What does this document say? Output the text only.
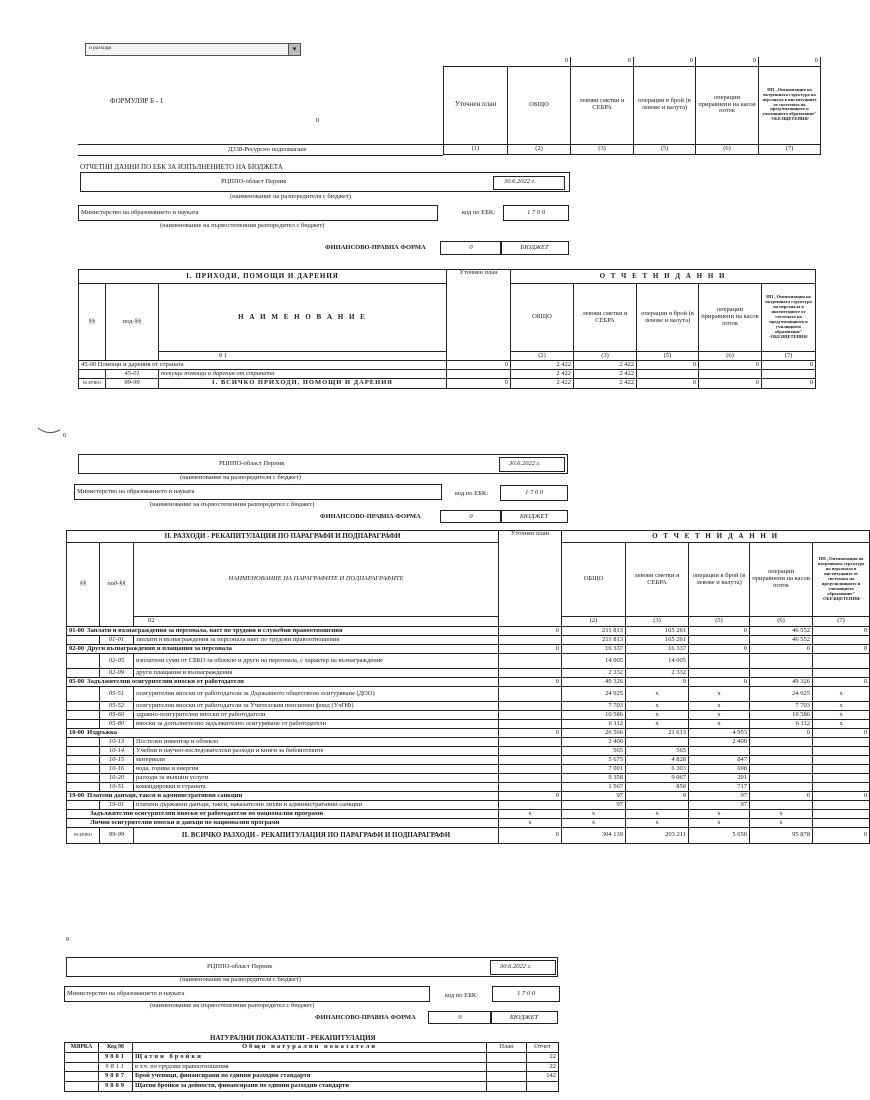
о разходи	▾
ФОРМУЛЯР Б - 1
	0	0	0	0	0
Уточнен план	ОБЩО	левови сметки и СЕБРА	операции в брой (в левове и валута)	операции приравнени на касов поток	НП „Оптимизация на вътрешната структура на персонала в институциите от системата на предучилищното и училищното образование" -ОБЕЗЩЕТЕНИЯ/
(1)	(2)	(3)	(5)	(6)	(7)
Д338-Ресурсно подпомагане
ОТЧЕТНИ ДАННИ ПО ЕБК ЗА ИЗПЪЛНЕНИЕТО НА БЮДЖЕТА
РЦППО-област Перник	30.6.2022 г.
(наименование на разпоредителя с бюджет)
Министерство на образованието и науката	код по ЕБК:	1 7 0 0
(наименование на първостепенния разпоредител с бюджет)
ФИНАНСОВО-ПРАВНА ФОРМА	0	БЮДЖЕТ
I. ПРИХОДИ, ПОМОЩИ И ДАРЕНИЯ			Уточнен план	О Т Ч Е Т Н И Д А Н Н И				
§§	под-§§	Н А И М Е Н О В А Н И Е		ОБЩО	левови сметки и СЕБРА	операции в брой (в левове и валута)	операции приравнени на касов поток	НП „Оптимизация на вътрешната структура на персонала в институциите от системата на предучилищното и училищното образование" -ОБЕЗЩЕТЕНИЯ/
		0 1		(2)	(3)	(5)	(6)	(7)
45-00 Помощи и дарения от страната			0	2 422	2 422	0	0	0
	45-01	текущи помощи и дарения от страната		2 422	2 422			
ВСИЧКО	99-99	I. ВСИЧКО ПРИХОДИ, ПОМОЩИ И ДАРЕНИЯ	0	2 422	2 422	0	0	0
0
РЦППО-област Перник	30.6.2022 г.
(наименование на разпоредителя с бюджет)
Министерство на образованието и науката	код по ЕБК:	1 7 0 0
(наименование на първостепенния разпоредител с бюджет)
ФИНАНСОВО-ПРАВНА ФОРМА	0	БЮДЖЕТ
II. РАЗХОДИ - РЕКАПИТУЛАЦИЯ ПО ПАРАГРАФИ И ПОДПАРАГРАФИ			Уточнен план	О Т Ч Е Т Н И Д А Н Н И				
§§	под-§§	НАИМЕНОВАНИЕ НА ПАРАГРАФИТЕ И ПОДПАРАГРАФИТЕ		ОБЩО	левови сметки и СЕБРА	операции в брой (в левове и валута)	операции приравнени на касов поток	НП „Оптимизация на вътрешната структура на персонала в институциите от системата на предучилищното и училищното образование" -ОБЕЗЩЕТЕНИЯ/
		02		(2)	(3)	(5)	(6)	(7)
01-00 Заплати и възнаграждения за персонала, нает по трудови и служебни правоотношения			0	211 813	165 261	0	46 552	0
	01-01	заплати и възнаграждения за персонала нает по трудови правоотношения		211 813	165 261		46 552	
02-00 Други възнаграждения и плащания за персонала			0	16 337	16 337	0	0	0
	02-05	изплатени суми от СБКО за облекло и други на персонала, с характер на възнаграждение		14 005	14 005			
	02-09	други плащания и възнаграждения		2 332	2 332			
05-00 Задължителни осигурителни вноски от работодатели			0	49 326	0	0	49 326	0
	05-51	осигурителни вноски от работодатели за Държавното обществено осигуряване (ДОО)		24 925	x	x	24 925	x
	05-52	осигурителни вноски от работодатели за Учителския пенсионен фонд (УчПФ)		7 703	x	x	7 703	x
	05-60	здравно-осигурителни вноски от работодатели		10 586	x	x	10 586	x
	05-80	вноски за допълнително задължително осигуряване от работодатели		6 112	x	x	6 112	x
10-00 Издръжка			0	26 566	21 613	4 953	0	0
	10-13	Постелен инвентар и облекло		2 400		2 400		
	10-14	Учебни и научно-изследователски разходи и книги за библиотеките		565	565			
	10-15	материали		5 675	4 828	847		
	10-16	вода, горива и енергия		7 001	6 303	698		
	10-20	разходи за външни услуги		9 358	9 067	291		
	10-51	командировки в страната		1 567	850	717		
19-00 Платени данъци, такси и административни санкции			0	97	0	97	0	0
	19-01	платени държавни данъци, такси, наказателни лихви и административни санкции		97		97		
Задължителни осигурителни вноски от работодатели по национални програми			x	x	x	x	x	
Лични осигурителни вноски и данъци по национални програми			x	x	x	x	x	
ВСИЧКО	99-99	II. ВСИЧКО РАЗХОДИ - РЕКАПИТУЛАЦИЯ ПО ПАРАГРАФИ И ПОДПАРАГРАФИ	0	304 139	203 211	5 050	95 878	0
0
РЦППО-област Перник	30.6.2022 г.
(наименование на разпоредителя с бюджет)
Министерство на образованието и науката	код по ЕБК:	1 7 0 0
(наименование на първостепенния разпоредител с бюджет)
ФИНАНСОВО-ПРАВНА ФОРМА	0	БЮДЖЕТ
НАТУРАЛНИ ПОКАЗАТЕЛИ - РЕКАПИТУЛАЦИЯ
МЯРКА	Код 98	Общи натурални показатели	План	Отчет
	9801	Щатни бройки		22
	9811	в т.ч. по трудови правоотношения		22
	9807	Брой ученици, финансирани по единни разходни стандарти		142
	9809	Щатни бройки за дейности, финансирани по единни разходни стандарти		
0
